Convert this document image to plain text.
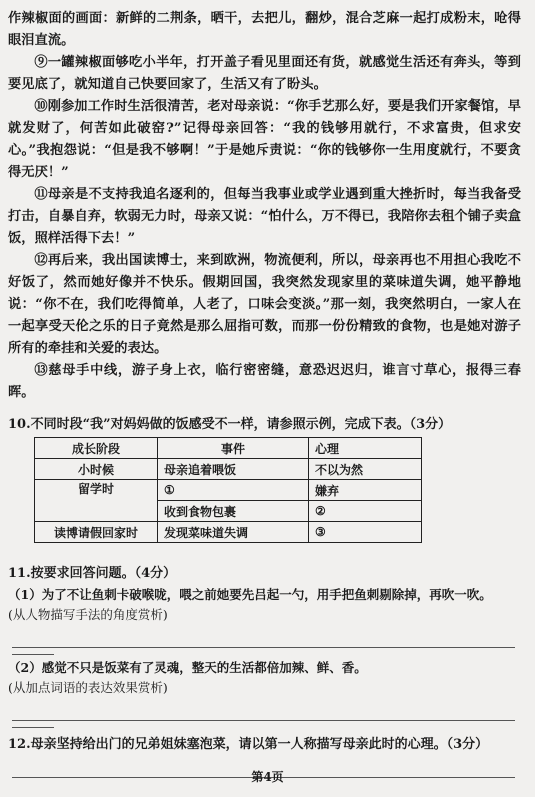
作辣椒面的画面：新鲜的二荆条，晒干，去把儿，翻炒，混合芝麻一起打成粉末，呛得眼泪直流。

⑨一罐辣椒面够吃小半年，打开盖子看见里面还有货，就感觉生活还有奔头，等到要见底了，就知道自己快要回家了，生活又有了盼头。

⑩刚参加工作时生活很清苦，老对母亲说：“你手艺那么好，要是我们开家餐馆，早就发财了，何苦如此破窑?”记得母亲回答：“我的钱够用就行，不求富贵，但求安心。”我抱怨说：“但是我不够啊！”于是她斥责说：“你的钱够你一生用度就行，不要贪得无厌！”

⑪母亲是不支持我追名逐利的，但每当我事业或学业遇到重大挫折时，每当我备受打击，自暴自弃，软弱无力时，母亲又说：“怕什么，万不得已，我陪你去租个铺子卖盒饭，照样活得下去！”

⑫再后来，我出国读博士，来到欧洲，物流便利，所以，母亲再也不用担心我吃不好饭了，然而她好像并不快乐。假期回国，我突然发现家里的菜味道失调，她平静地说：“你不在，我们吃得简单，人老了，口味会变淡。”那一刻，我突然明白，一家人在一起享受天伦之乐的日子竟然是那么屈指可数，而那一份份精致的食物，也是她对游子所有的牵挂和关爱的表达。

⑬慈母手中线，游子身上衣，临行密密缝，意恐迟迟归，谁言寸草心，报得三春晖。

10.不同时段“我”对妈妈做的饭感受不一样，请参照示例，完成下表。（3分）

成长阶段	事件	心理
小时候	母亲追着喂饭	不以为然
留学时	①	嫌弃
	收到食物包裹	②
读博请假回家时	发现菜味道失调	③

11.按要求回答问题。（4分）

（1）为了不让鱼刺卡破喉咙，喂之前她要先吕起一勺，用手把鱼刺剔除掉，再吹一吹。

(从人物描写手法的角度赏析)

（2）感觉不只是饭菜有了灵魂，整天的生活都倍加辣、鲜、香。

(从加点词语的表达效果赏析)

12.母亲坚持给出门的兄弟姐妹塞泡菜，请以第一人称描写母亲此时的心理。（3分）

第4页
